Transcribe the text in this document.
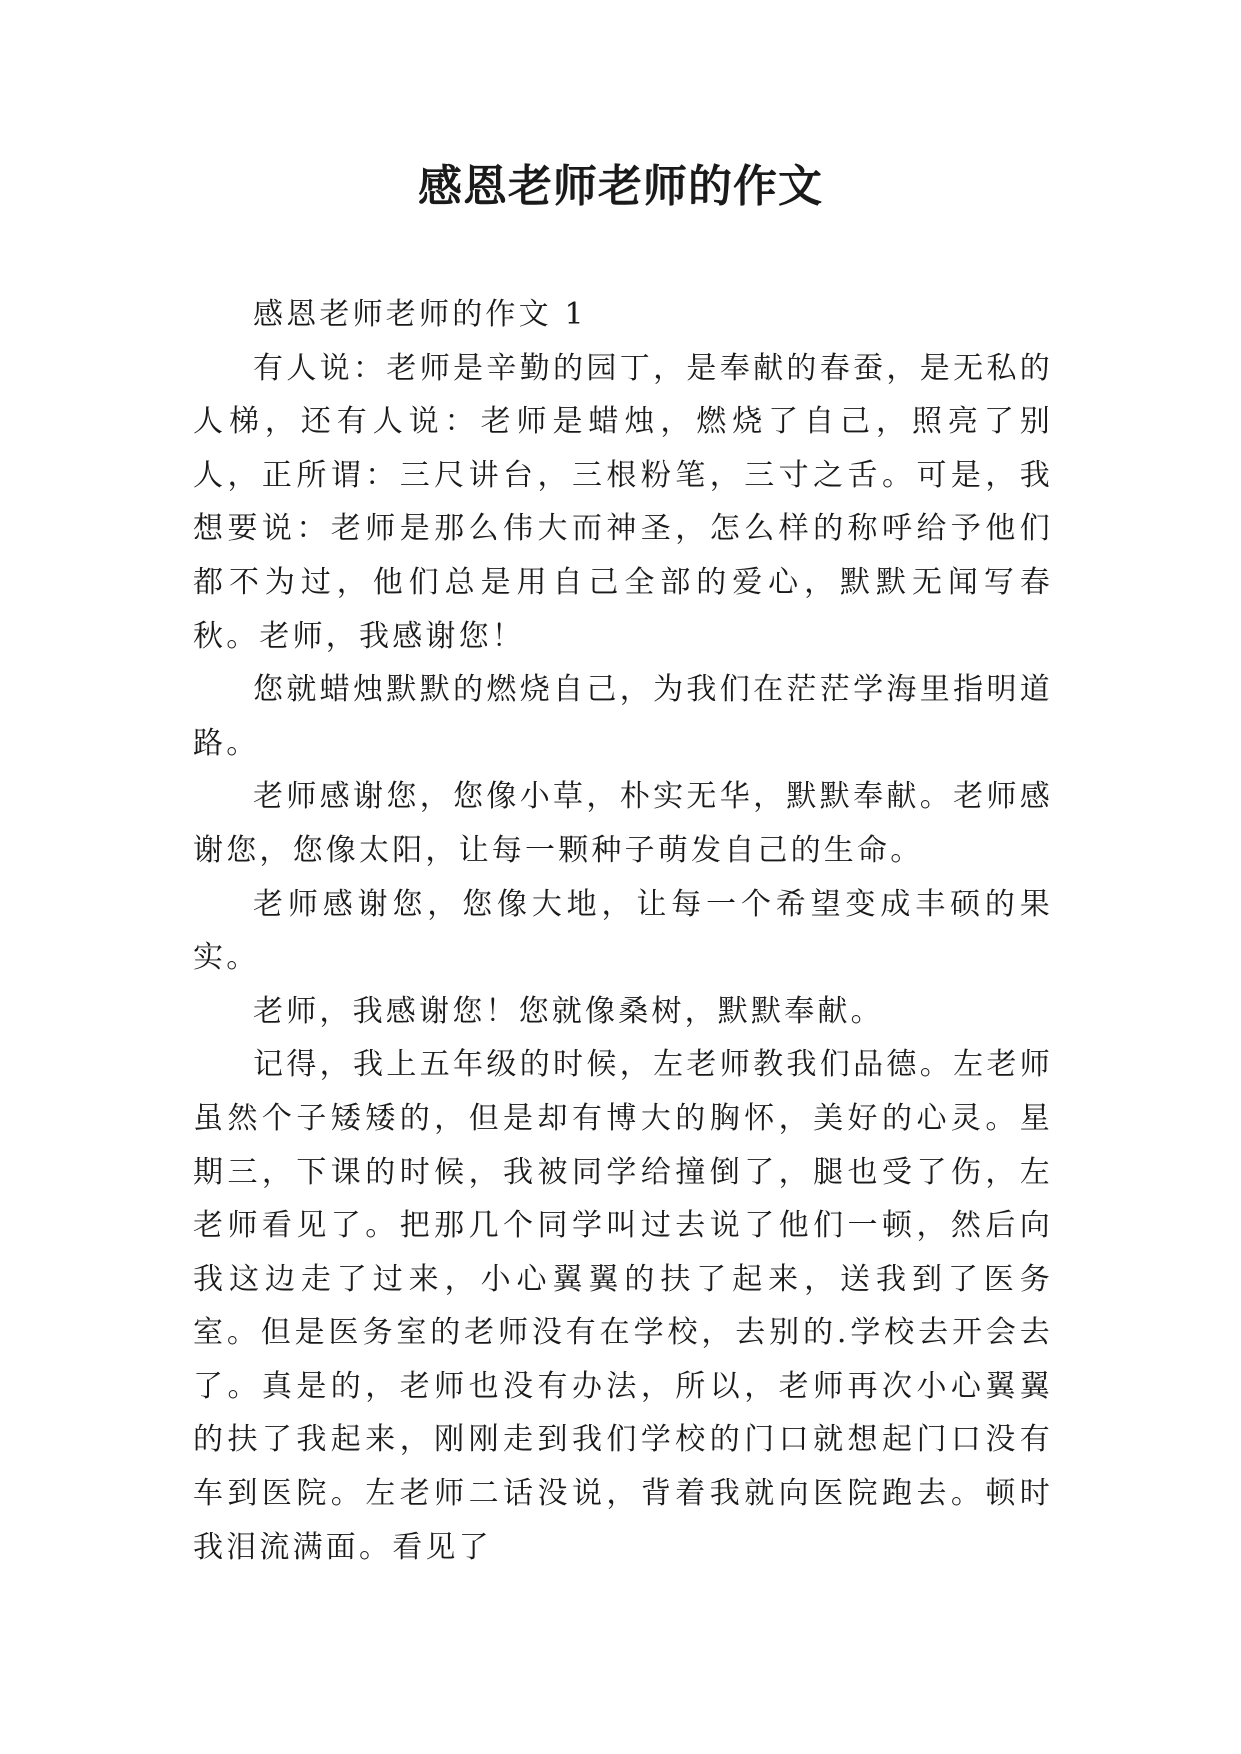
感恩老师老师的作文

感恩老师老师的作文 1

有人说：老师是辛勤的园丁，是奉献的春蚕，是无私的人梯，还有人说：老师是蜡烛，燃烧了自己，照亮了别人，正所谓：三尺讲台，三根粉笔，三寸之舌。可是，我想要说：老师是那么伟大而神圣，怎么样的称呼给予他们都不为过，他们总是用自己全部的爱心，默默无闻写春秋。老师，我感谢您！

您就蜡烛默默的燃烧自己，为我们在茫茫学海里指明道路。

老师感谢您，您像小草，朴实无华，默默奉献。老师感谢您，您像太阳，让每一颗种子萌发自己的生命。

老师感谢您，您像大地，让每一个希望变成丰硕的果实。

老师，我感谢您！您就像桑树，默默奉献。

记得，我上五年级的时候，左老师教我们品德。左老师虽然个子矮矮的，但是却有博大的胸怀，美好的心灵。星期三，下课的时候，我被同学给撞倒了，腿也受了伤，左老师看见了。把那几个同学叫过去说了他们一顿，然后向我这边走了过来，小心翼翼的扶了起来，送我到了医务室。但是医务室的老师没有在学校，去别的.学校去开会去了。真是的，老师也没有办法，所以，老师再次小心翼翼的扶了我起来，刚刚走到我们学校的门口就想起门口没有车到医院。左老师二话没说，背着我就向医院跑去。顿时我泪流满面。看见了
